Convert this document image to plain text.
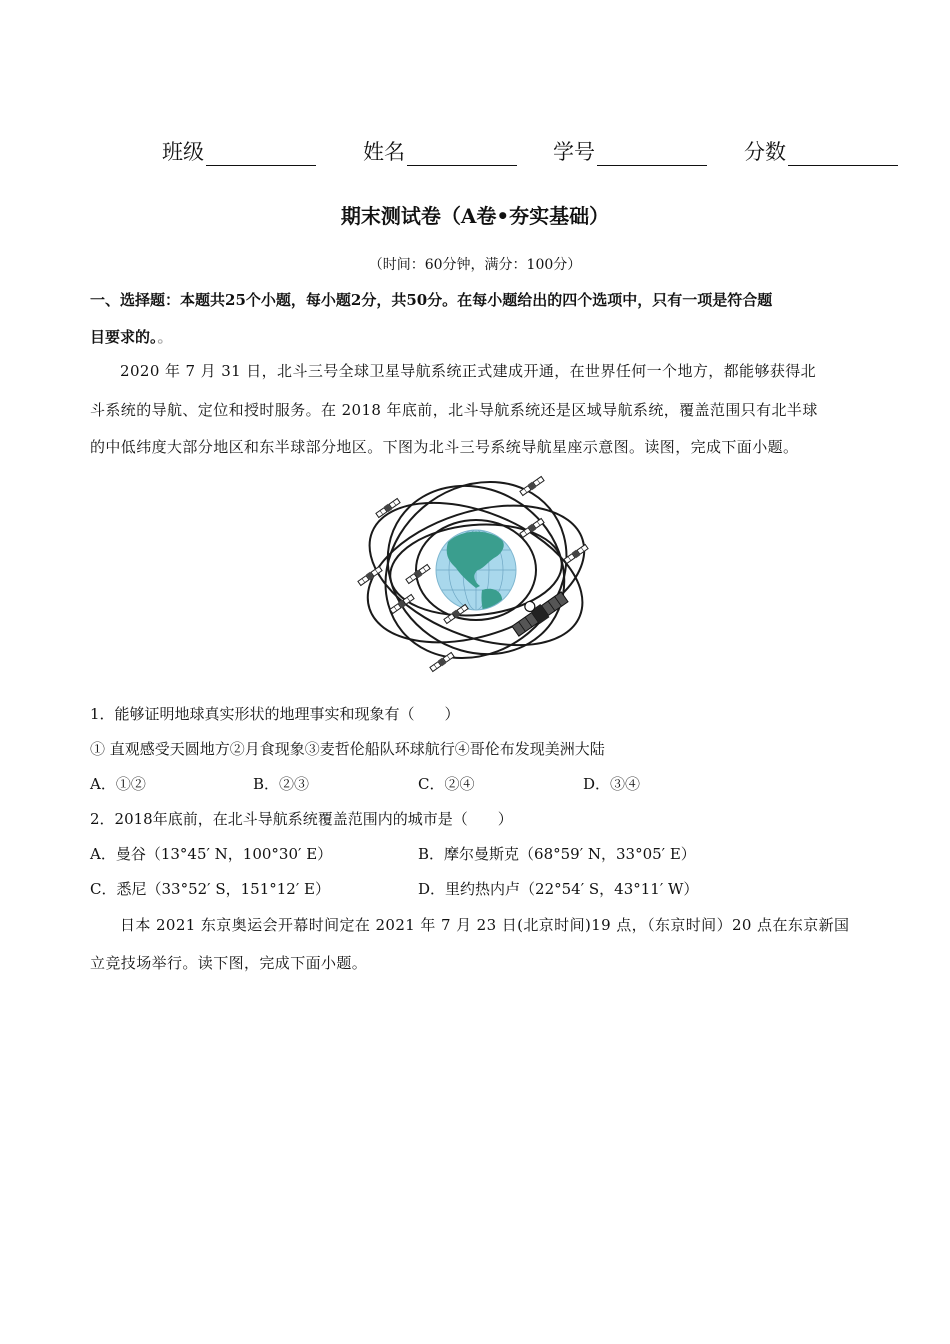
班级	姓名	学号	分数
期末测试卷（A卷•夯实基础）
（时间：60分钟，满分：100分）
一、选择题：本题共25个小题，每小题2分，共50分。在每小题给出的四个选项中，只有一项是符合题
目要求的。。
2020 年 7 月 31 日，北斗三号全球卫星导航系统正式建成开通，在世界任何一个地方，都能够获得北
斗系统的导航、定位和授时服务。在 2018 年底前，北斗导航系统还是区域导航系统，覆盖范围只有北半球
的中低纬度大部分地区和东半球部分地区。下图为北斗三号系统导航星座示意图。读图，完成下面小题。
1．能够证明地球真实形状的地理事实和现象有（　　）
① 直观感受天圆地方②月食现象③麦哲伦船队环球航行④哥伦布发现美洲大陆
A．①②	B．②③	C．②④	D．③④
2．2018年底前，在北斗导航系统覆盖范围内的城市是（　　）
A．曼谷（13°45′ N，100°30′ E）	B．摩尔曼斯克（68°59′ N，33°05′ E）
C．悉尼（33°52′ S，151°12′ E）	D．里约热内卢（22°54′ S，43°11′ W）
日本 2021 东京奥运会开幕时间定在 2021 年 7 月 23 日(北京时间)19 点，（东京时间）20 点在东京新国
立竞技场举行。读下图，完成下面小题。
